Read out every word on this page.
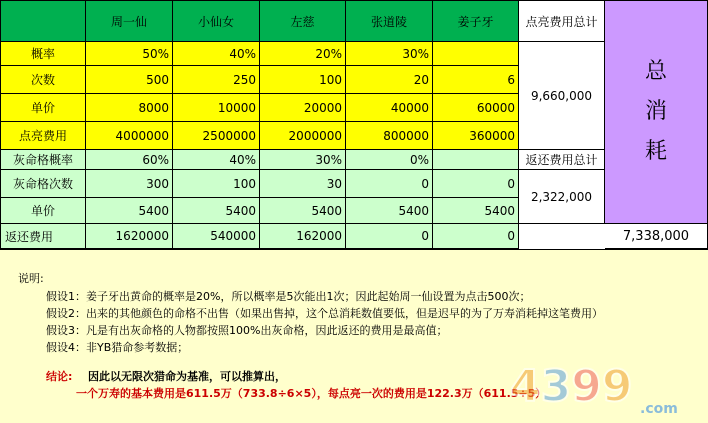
周一仙	小仙女	左慈	张道陵	姜子牙	点亮费用总计
概率	50%	40%	20%	30%
次数	500	250	100	20	6
单价	8000	10000	20000	40000	60000
点亮费用	4000000	2500000	2000000	800000	360000
灰命格概率	60%	40%	30%	0%
灰命格次数	300	100	30	0	0
单价	5400	5400	5400	5400	5400
返还费用	1620000	540000	162000	0	0
9,660,000
返还费用总计
2,322,000
总
消
耗
7,338,000
说明:
假设1：姜子牙出黄命的概率是20%，所以概率是5次能出1次；因此起始周一仙设置为点击500次；
假设2：出来的其他颜色的命格不出售（如果出售掉，这个总消耗数值要低，但是迟早的为了万寿消耗掉这笔费用）
假设3：凡是有出灰命格的人物都按照100%出灰命格，因此返还的费用是最高值；
假设4：非YB猎命参考数据；
结论: 因此以无限次猎命为基准，可以推算出，
一个万寿的基本费用是611.5万（733.8÷6×5），每点亮一次的费用是122.3万（611.5÷5）
4399 .com
